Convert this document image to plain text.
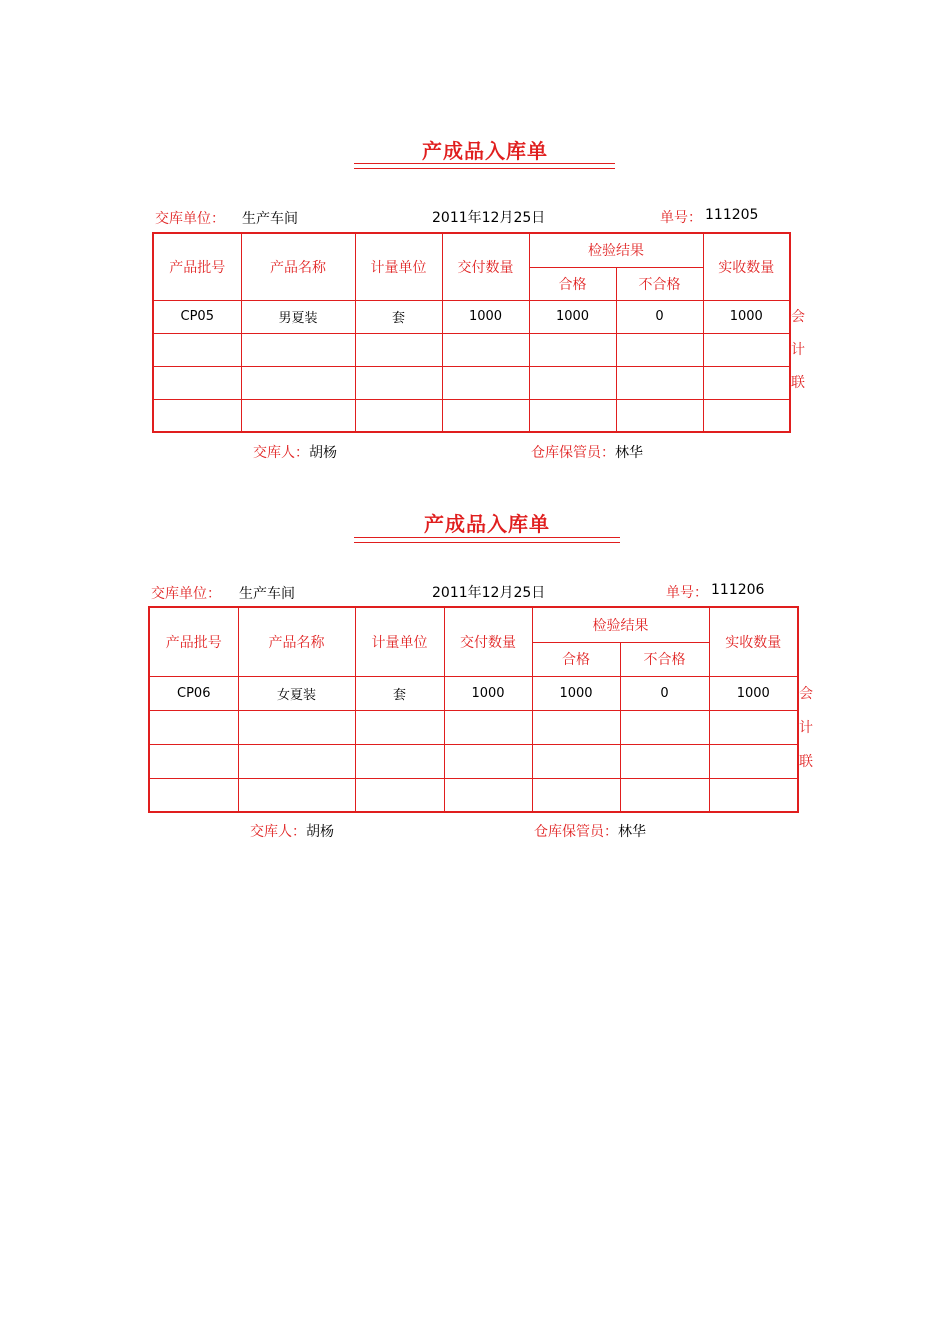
产成品入库单
交库单位： 生产车间	2011年12月25日	单号： 111205
产品批号	产品名称	计量单位	交付数量	检验结果		实收数量
				合格	不合格	
CP05	男夏装	套	1000	1000	0	1000

						会
计
联
交库人：胡杨	仓库保管员：林华
产成品入库单
交库单位： 生产车间	2011年12月25日	单号： 111206
产品批号	产品名称	计量单位	交付数量	检验结果		实收数量
				合格	不合格	
CP06	女夏装	套	1000	1000	0	1000

						会
计
联
交库人：胡杨	仓库保管员：林华
